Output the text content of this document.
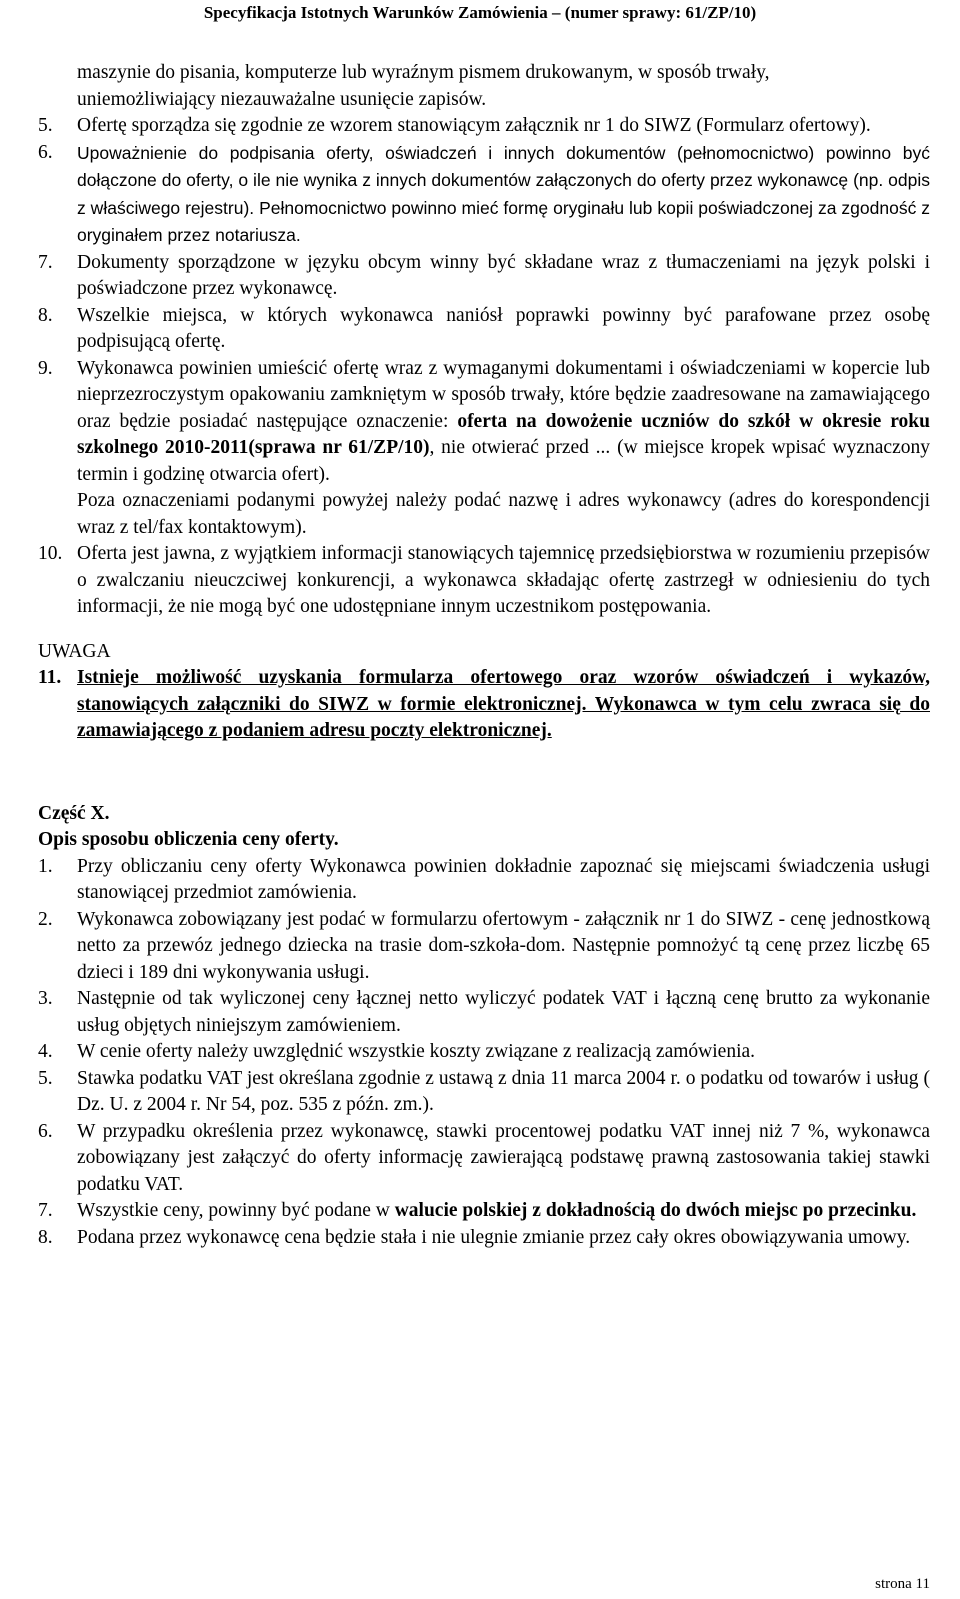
Specyfikacja Istotnych Warunków Zamówienia – (numer sprawy: 61/ZP/10)

maszynie do pisania, komputerze lub wyraźnym pismem drukowanym, w sposób trwały,

uniemożliwiający niezauważalne usunięcie zapisów.

5. Ofertę sporządza się zgodnie ze wzorem stanowiącym załącznik nr 1 do SIWZ (Formularz ofertowy).
6. Upoważnienie do podpisania oferty, oświadczeń i innych dokumentów (pełnomocnictwo) powinno być dołączone do oferty, o ile nie wynika z innych dokumentów załączonych do oferty przez wykonawcę (np. odpis z właściwego rejestru). Pełnomocnictwo powinno mieć formę oryginału lub kopii poświadczonej za zgodność z oryginałem przez notariusza.
7. Dokumenty sporządzone w języku obcym winny być składane wraz z tłumaczeniami na język polski i poświadczone przez wykonawcę.
8. Wszelkie miejsca, w których wykonawca naniósł poprawki powinny być parafowane przez osobę podpisującą ofertę.
9. Wykonawca powinien umieścić ofertę wraz z wymaganymi dokumentami i oświadczeniami w kopercie lub nieprzezroczystym opakowaniu zamkniętym w sposób trwały, które będzie zaadresowane na zamawiającego oraz będzie posiadać następujące oznaczenie: oferta na dowożenie uczniów do szkół w okresie roku szkolnego 2010-2011(sprawa nr 61/ZP/10), nie otwierać przed ... (w miejsce kropek wpisać wyznaczony termin i godzinę otwarcia ofert).
Poza oznaczeniami podanymi powyżej należy podać nazwę i adres wykonawcy (adres do korespondencji wraz z tel/fax kontaktowym).
10. Oferta jest jawna, z wyjątkiem informacji stanowiących tajemnicę przedsiębiorstwa w rozumieniu przepisów o zwalczaniu nieuczciwej konkurencji, a wykonawca składając ofertę zastrzegł w odniesieniu do tych informacji, że nie mogą być one udostępniane innym uczestnikom postępowania.

UWAGA

11. Istnieje możliwość uzyskania formularza ofertowego oraz wzorów oświadczeń i wykazów, stanowiących załączniki do SIWZ w formie elektronicznej. Wykonawca w tym celu zwraca się do zamawiającego z podaniem adresu poczty elektronicznej.

Część X.

Opis sposobu obliczenia ceny oferty.

1. Przy obliczaniu ceny oferty Wykonawca powinien dokładnie zapoznać się miejscami świadczenia usługi stanowiącej przedmiot zamówienia.
2. Wykonawca zobowiązany jest podać w formularzu ofertowym - załącznik nr 1 do SIWZ - cenę jednostkową netto za przewóz jednego dziecka na trasie dom-szkoła-dom. Następnie pomnożyć tą cenę przez liczbę 65 dzieci i 189 dni wykonywania usługi.
3. Następnie od tak wyliczonej ceny łącznej netto wyliczyć podatek VAT i łączną cenę brutto za wykonanie usług objętych niniejszym zamówieniem.
4. W cenie oferty należy uwzględnić wszystkie koszty związane z realizacją zamówienia.
5. Stawka podatku VAT jest określana zgodnie z ustawą z dnia 11 marca 2004 r. o podatku od towarów i usług ( Dz. U. z 2004 r. Nr 54, poz. 535 z późn. zm.).
6. W przypadku określenia przez wykonawcę, stawki procentowej podatku VAT innej niż 7 %, wykonawca zobowiązany jest załączyć do oferty informację zawierającą podstawę prawną zastosowania takiej stawki podatku VAT.
7. Wszystkie ceny, powinny być podane w walucie polskiej z dokładnością do dwóch miejsc po przecinku.
8. Podana przez wykonawcę cena będzie stała i nie ulegnie zmianie przez cały okres obowiązywania umowy.
strona 11
